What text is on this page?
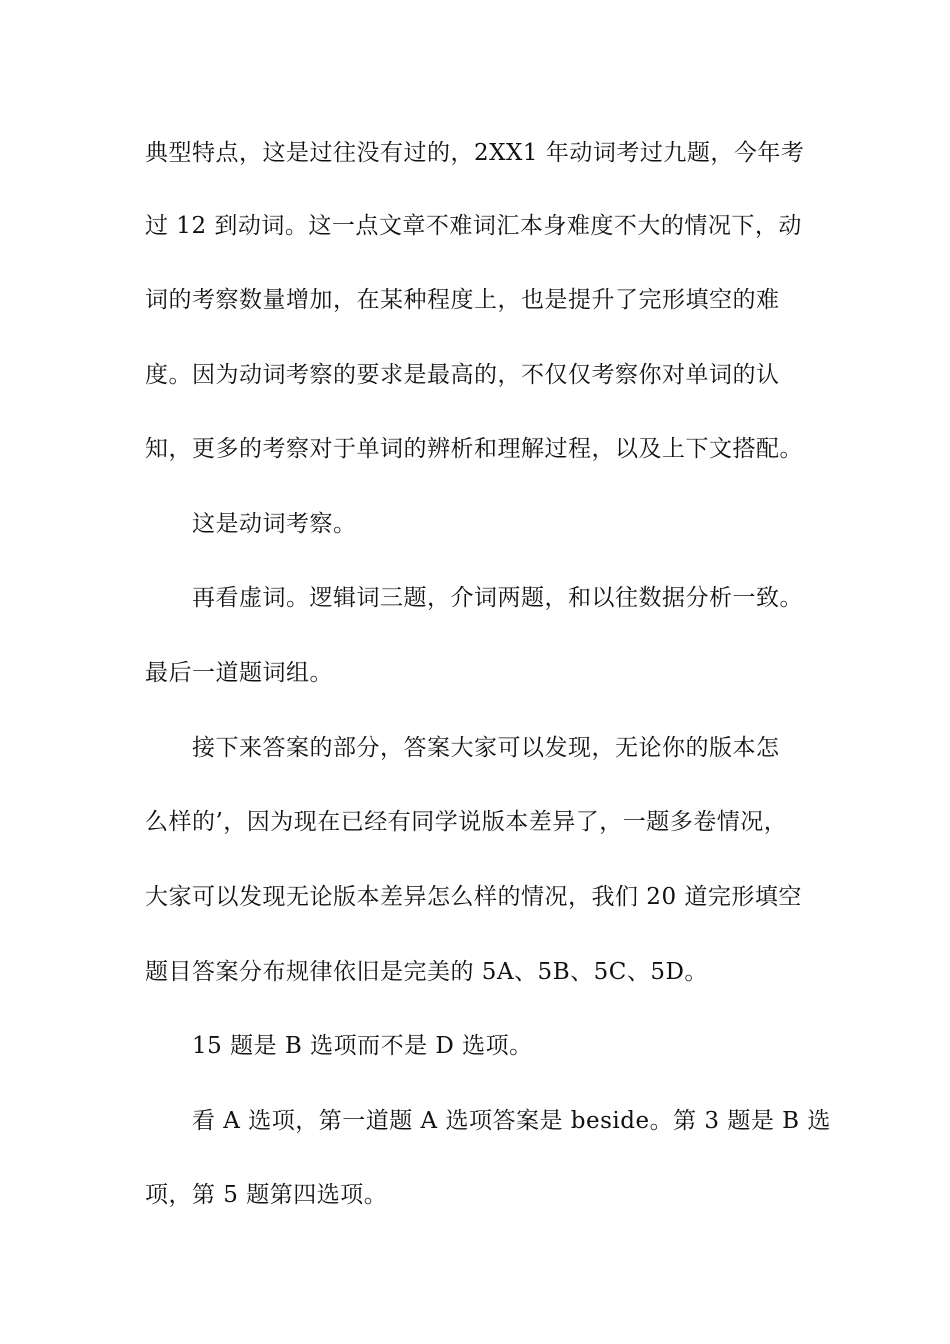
典型特点，这是过往没有过的，2XX1 年动词考过九题，今年考
过 12 到动词。这一点文章不难词汇本身难度不大的情况下，动
词的考察数量增加，在某种程度上，也是提升了完形填空的难
度。因为动词考察的要求是最高的，不仅仅考察你对单词的认
知，更多的考察对于单词的辨析和理解过程，以及上下文搭配。
这是动词考察。
再看虚词。逻辑词三题，介词两题，和以往数据分析一致。
最后一道题词组。
接下来答案的部分，答案大家可以发现，无论你的版本怎
么样的’，因为现在已经有同学说版本差异了，一题多卷情况，
大家可以发现无论版本差异怎么样的情况，我们 20 道完形填空
题目答案分布规律依旧是完美的 5A、5B、5C、5D。
15 题是 B 选项而不是 D 选项。
看 A 选项，第一道题 A 选项答案是 beside。第 3 题是 B 选
项，第 5 题第四选项。
